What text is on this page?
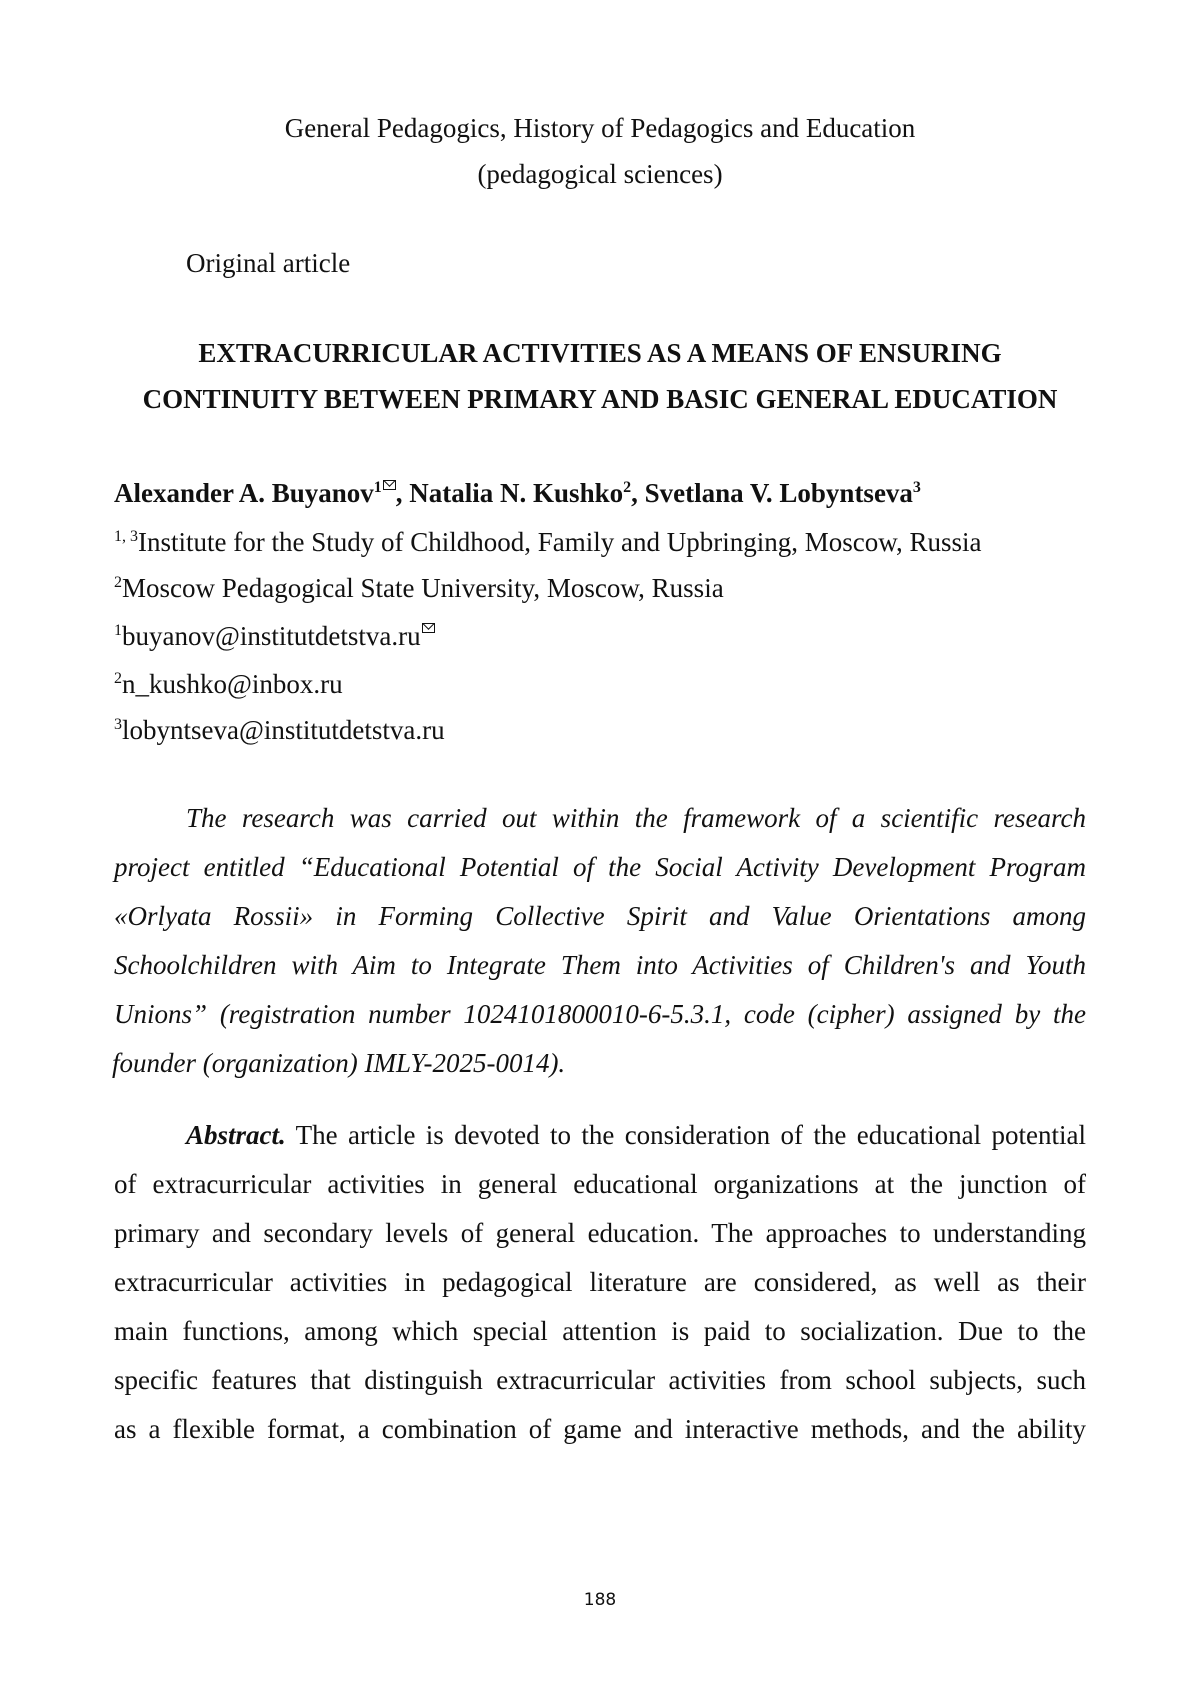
General Pedagogics, History of Pedagogics and Education
(pedagogical sciences)
Original article
EXTRACURRICULAR ACTIVITIES AS A MEANS OF ENSURING
CONTINUITY BETWEEN PRIMARY AND BASIC GENERAL EDUCATION
Alexander A. Buyanov$^1$ , Natalia N. Kushko$^2$, Svetlana V. Lobyntseva$^3$
$^{1, 3}$Institute for the Study of Childhood, Family and Upbringing, Moscow, Russia
$^2$Moscow Pedagogical State University, Moscow, Russia
$^1$buyanov@institutdetstva.ru
$^2$n_kushko@inbox.ru
$^3$lobyntseva@institutdetstva.ru
The research was carried out within the framework of a scientific research
project entitled “Educational Potential of the Social Activity Development Program
«Orlyata Rossii» in Forming Collective Spirit and Value Orientations among
Schoolchildren with Aim to Integrate Them into Activities of Children's and Youth
Unions” (registration number 1024101800010-6-5.3.1, code (cipher) assigned by the
founder (organization) IMLY-2025-0014).
Abstract. The article is devoted to the consideration of the educational potential
of extracurricular activities in general educational organizations at the junction of
primary and secondary levels of general education. The approaches to understanding
extracurricular activities in pedagogical literature are considered, as well as their
main functions, among which special attention is paid to socialization. Due to the
specific features that distinguish extracurricular activities from school subjects, such
as a flexible format, a combination of game and interactive methods, and the ability
188
